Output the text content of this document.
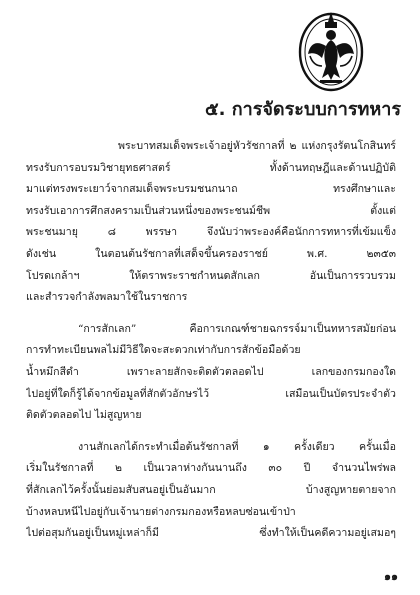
๕. การจัดระบบการทหาร

พระบาทสมเด็จพระเจ้าอยู่หัวรัชกาลที่ ๒ แห่งกรุงรัตนโกสินทร์
ทรงรับการอบรมวิชายุทธศาสตร์ ทั้งด้านทฤษฎีและด้านปฏิบัติ
มาแต่ทรงพระเยาว์จากสมเด็จพระบรมชนกนาถ ทรงศึกษาและ
ทรงรับเอาการศึกสงครามเป็นส่วนหนึ่งของพระชนม์ชีพ ตั้งแต่
พระชนมายุ ๘ พรรษา จึงนับว่าพระองค์คือนักการทหารที่เข้มแข็ง
ดังเช่น ในตอนต้นรัชกาลที่เสด็จขึ้นครองราชย์ พ.ศ. ๒๓๕๓
โปรดเกล้าฯ ให้ตราพระราชกำหนดสักเลก อันเป็นการรวบรวม
และสำรวจกำลังพลมาใช้ในราชการ

“การสักเลก” คือการเกณฑ์ชายฉกรรจ์มาเป็นทหารสมัยก่อน
การทำทะเบียนพลไม่มีวิธีใดจะสะดวกเท่ากับการสักข้อมือด้วย
น้ำหมึกสีดำ เพราะลายสักจะติดตัวตลอดไป เลกของกรมกองใด
ไปอยู่ที่ใดก็รู้ได้จากข้อมูลที่สักตัวอักษรไว้ เสมือนเป็นบัตรประจำตัว
ติดตัวตลอดไป ไม่สูญหาย

งานสักเลกได้กระทำเมื่อต้นรัชกาลที่ ๑ ครั้งเดียว ครั้นเมื่อ
เริ่มในรัชกาลที่ ๒ เป็นเวลาห่างกันนานถึง ๓๐ ปี จำนวนไพร่พล
ที่สักเลกไว้ครั้งนั้นย่อมสับสนอยู่เป็นอันมาก บ้างสูญหายตายจาก
บ้างหลบหนีไปอยู่กับเจ้านายต่างกรมกองหรือหลบซ่อนเข้าป่า
ไปต่อสุมกันอยู่เป็นหมู่เหล่าก็มี ซึ่งทำให้เป็นคดีความอยู่เสมอๆ

๑๑
